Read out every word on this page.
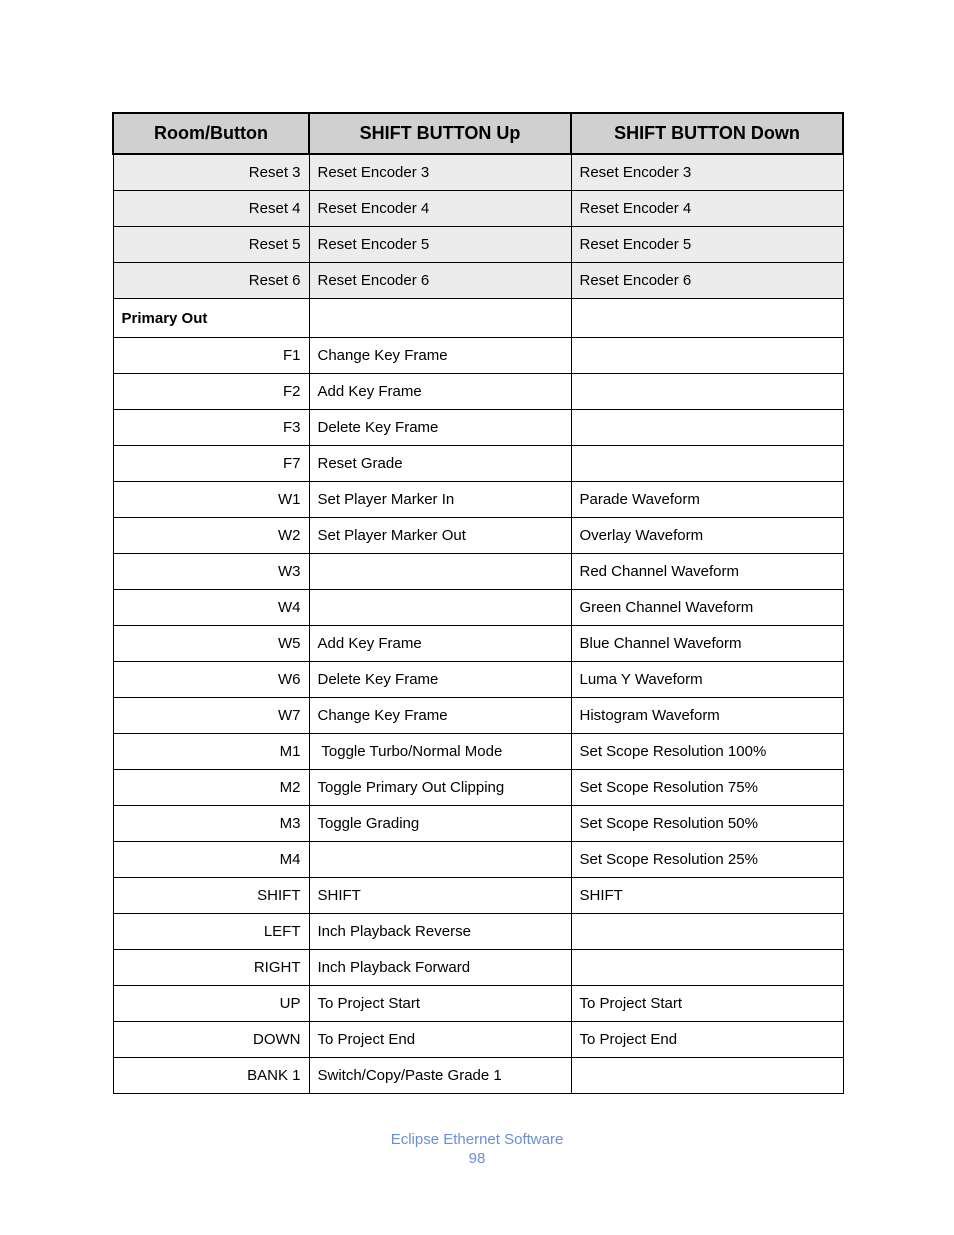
Room/Button	SHIFT BUTTON Up	SHIFT BUTTON Down
Reset 3	Reset Encoder 3	Reset Encoder 3
Reset 4	Reset Encoder 4	Reset Encoder 4
Reset 5	Reset Encoder 5	Reset Encoder 5
Reset 6	Reset Encoder 6	Reset Encoder 6
Primary Out		
F1	Change Key Frame	
F2	Add Key Frame	
F3	Delete Key Frame	
F7	Reset Grade	
W1	Set Player Marker In	Parade Waveform
W2	Set Player Marker Out	Overlay Waveform
W3		Red Channel Waveform
W4		Green Channel Waveform
W5	Add Key Frame	Blue Channel Waveform
W6	Delete Key Frame	Luma Y Waveform
W7	Change Key Frame	Histogram Waveform
M1	Toggle Turbo/Normal Mode	Set Scope Resolution 100%
M2	Toggle Primary Out Clipping	Set Scope Resolution 75%
M3	Toggle Grading	Set Scope Resolution 50%
M4		Set Scope Resolution 25%
SHIFT	SHIFT	SHIFT
LEFT	Inch Playback Reverse	
RIGHT	Inch Playback Forward	
UP	To Project Start	To Project Start
DOWN	To Project End	To Project End
BANK 1	Switch/Copy/Paste Grade 1	
Eclipse Ethernet Software
98
